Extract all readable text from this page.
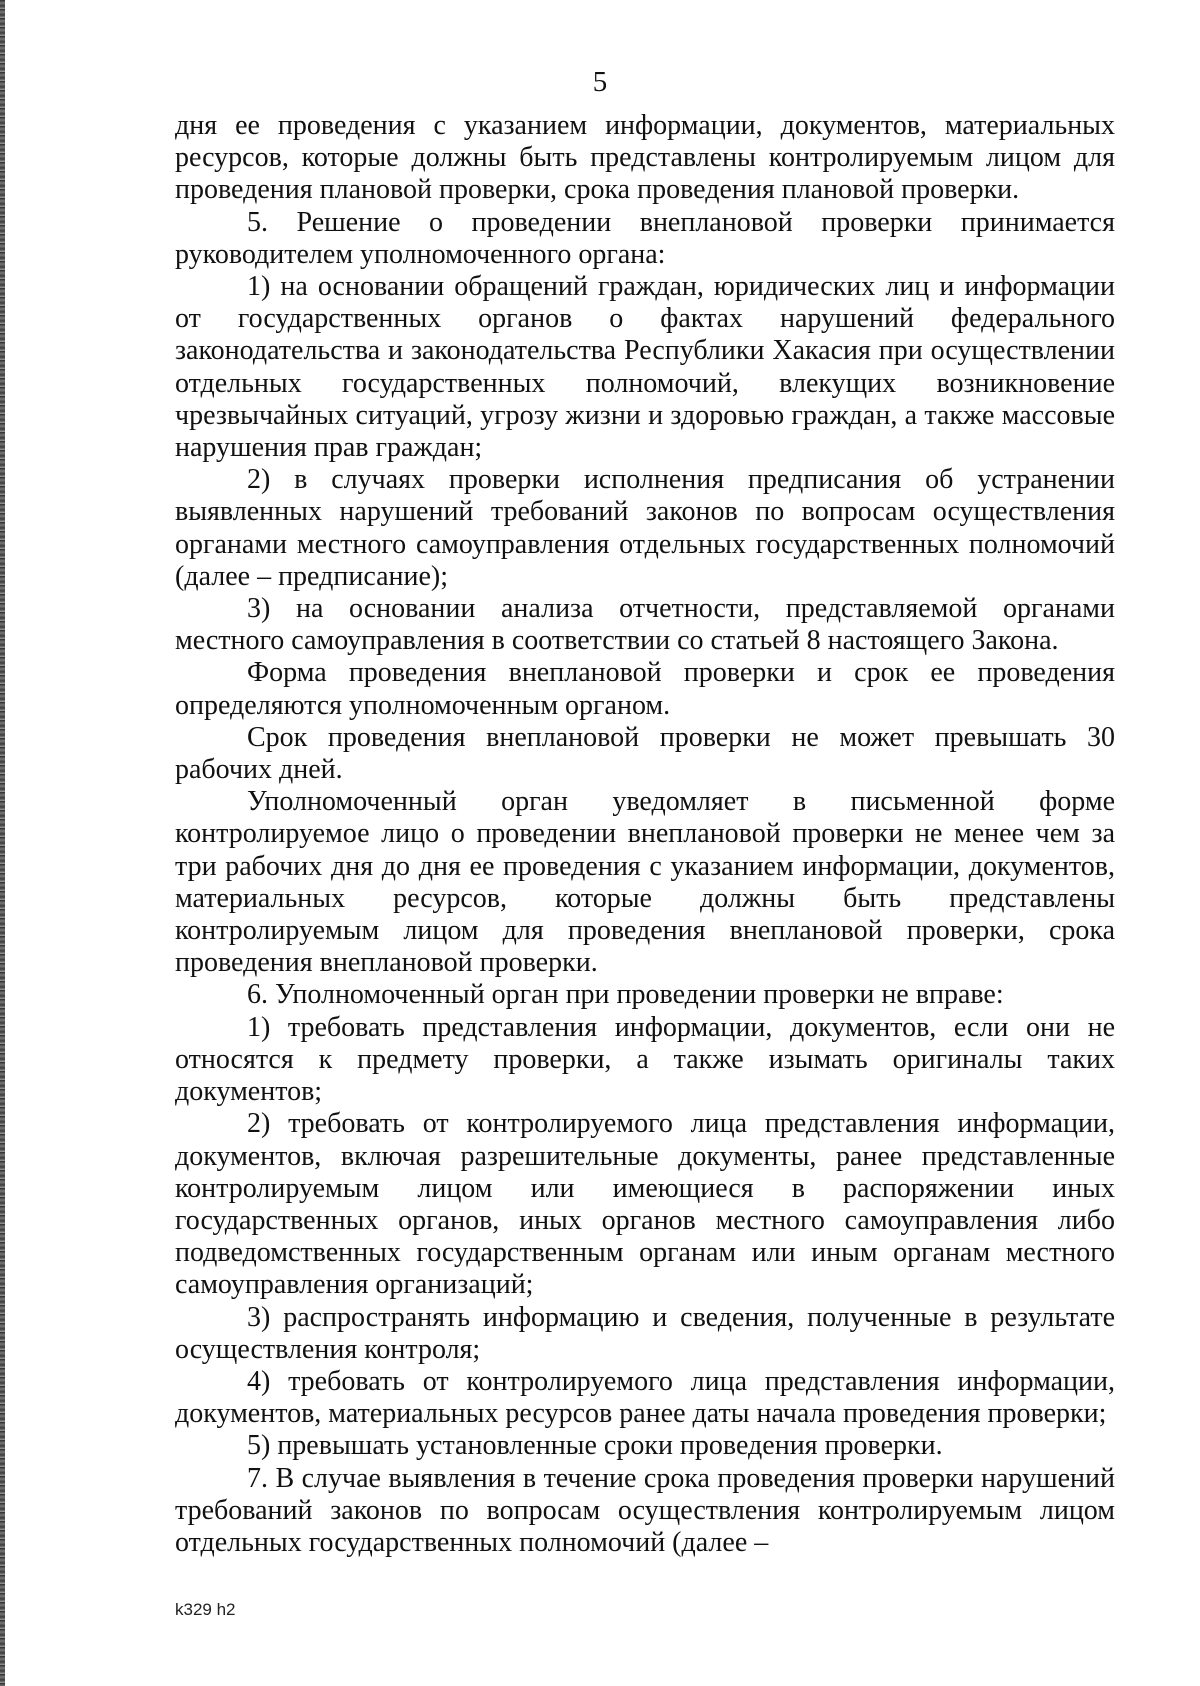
5

дня ее проведения с указанием информации, документов, материальных ресурсов, которые должны быть представлены контролируемым лицом для проведения плановой проверки, срока проведения плановой проверки.

5. Решение о проведении внеплановой проверки принимается руководителем уполномоченного органа:

1) на основании обращений граждан, юридических лиц и информации от государственных органов о фактах нарушений федерального законодательства и законодательства Республики Хакасия при осуществлении отдельных государственных полномочий, влекущих возникновение чрезвычайных ситуаций, угрозу жизни и здоровью граждан, а также массовые нарушения прав граждан;

2) в случаях проверки исполнения предписания об устранении выявленных нарушений требований законов по вопросам осуществления органами местного самоуправления отдельных государственных полномочий (далее – предписание);

3) на основании анализа отчетности, представляемой органами местного самоуправления в соответствии со статьей 8 настоящего Закона.

Форма проведения внеплановой проверки и срок ее проведения определяются уполномоченным органом.

Срок проведения внеплановой проверки не может превышать 30 рабочих дней.

Уполномоченный орган уведомляет в письменной форме контролируемое лицо о проведении внеплановой проверки не менее чем за три рабочих дня до дня ее проведения с указанием информации, документов, материальных ресурсов, которые должны быть представлены контролируемым лицом для проведения внеплановой проверки, срока проведения внеплановой проверки.

6. Уполномоченный орган при проведении проверки не вправе:

1) требовать представления информации, документов, если они не относятся к предмету проверки, а также изымать оригиналы таких документов;

2) требовать от контролируемого лица представления информации, документов, включая разрешительные документы, ранее представленные контролируемым лицом или имеющиеся в распоряжении иных государственных органов, иных органов местного самоуправления либо подведомственных государственным органам или иным органам местного самоуправления организаций;

3) распространять информацию и сведения, полученные в результате осуществления контроля;

4) требовать от контролируемого лица представления информации, документов, материальных ресурсов ранее даты начала проведения проверки;

5) превышать установленные сроки проведения проверки.

7. В случае выявления в течение срока проведения проверки нарушений требований законов по вопросам осуществления контролируемым лицом отдельных государственных полномочий (далее –

k329 h2
